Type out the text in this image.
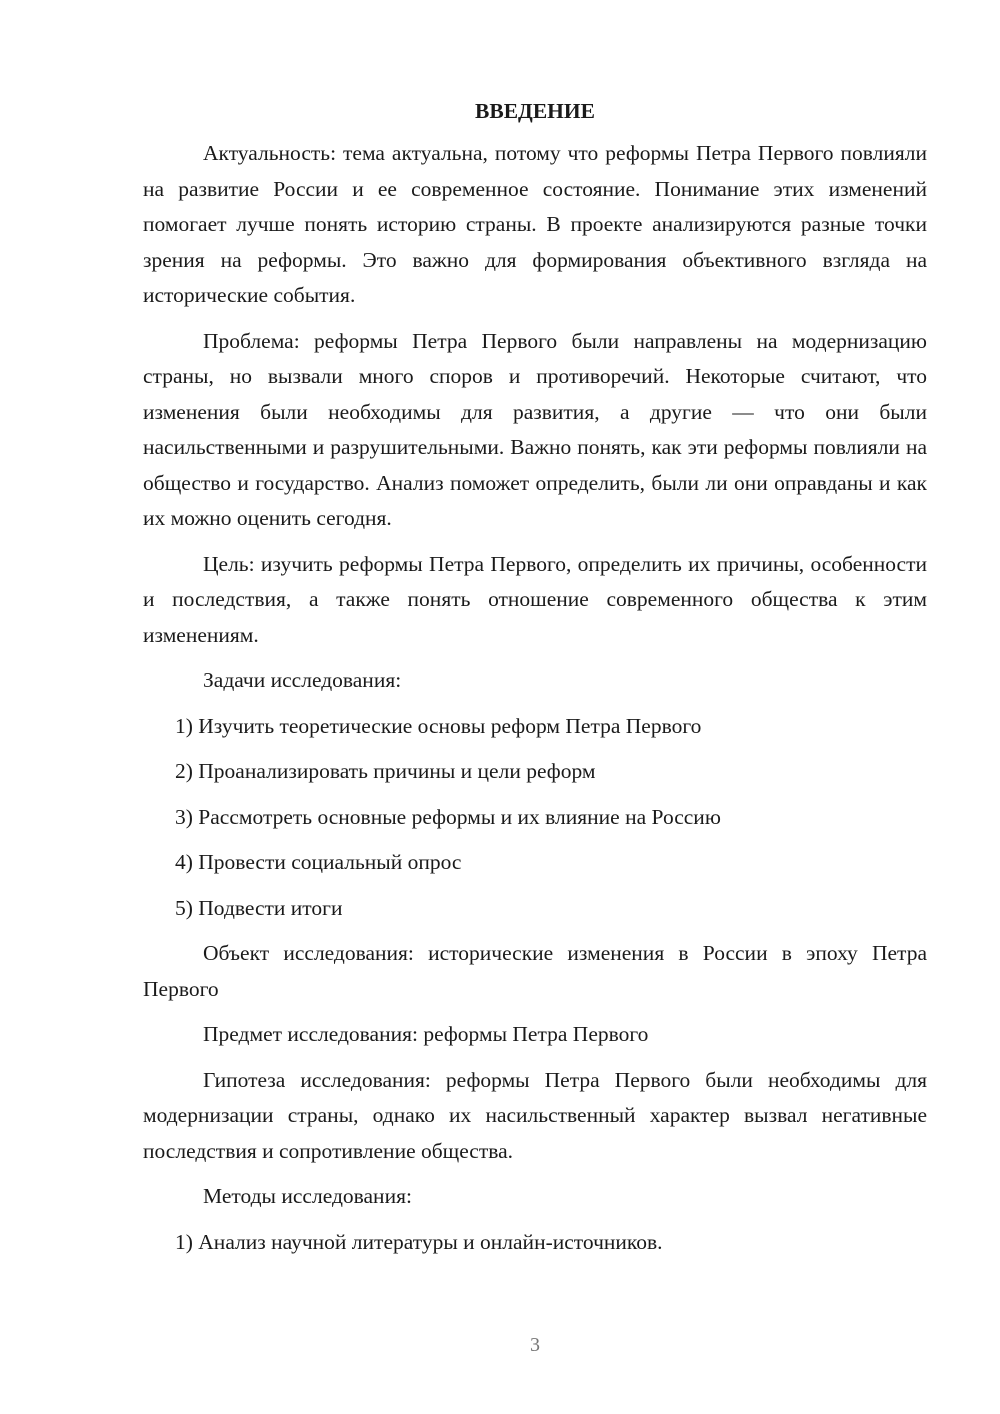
ВВЕДЕНИЕ

Актуальность: тема актуальна, потому что реформы Петра Первого повлияли на развитие России и ее современное состояние. Понимание этих изменений помогает лучше понять историю страны. В проекте анализируются разные точки зрения на реформы. Это важно для формирования объективного взгляда на исторические события.

Проблема: реформы Петра Первого были направлены на модернизацию страны, но вызвали много споров и противоречий. Некоторые считают, что изменения были необходимы для развития, а другие — что они были насильственными и разрушительными. Важно понять, как эти реформы повлияли на общество и государство. Анализ поможет определить, были ли они оправданы и как их можно оценить сегодня.

Цель: изучить реформы Петра Первого, определить их причины, особенности и последствия, а также понять отношение современного общества к этим изменениям.

Задачи исследования:

1) Изучить теоретические основы реформ Петра Первого
2) Проанализировать причины и цели реформ
3) Рассмотреть основные реформы и их влияние на Россию
4) Провести социальный опрос
5) Подвести итоги

Объект исследования: исторические изменения в России в эпоху Петра Первого

Предмет исследования: реформы Петра Первого

Гипотеза исследования: реформы Петра Первого были необходимы для модернизации страны, однако их насильственный характер вызвал негативные последствия и сопротивление общества.

Методы исследования:

1) Анализ научной литературы и онлайн-источников.
3
